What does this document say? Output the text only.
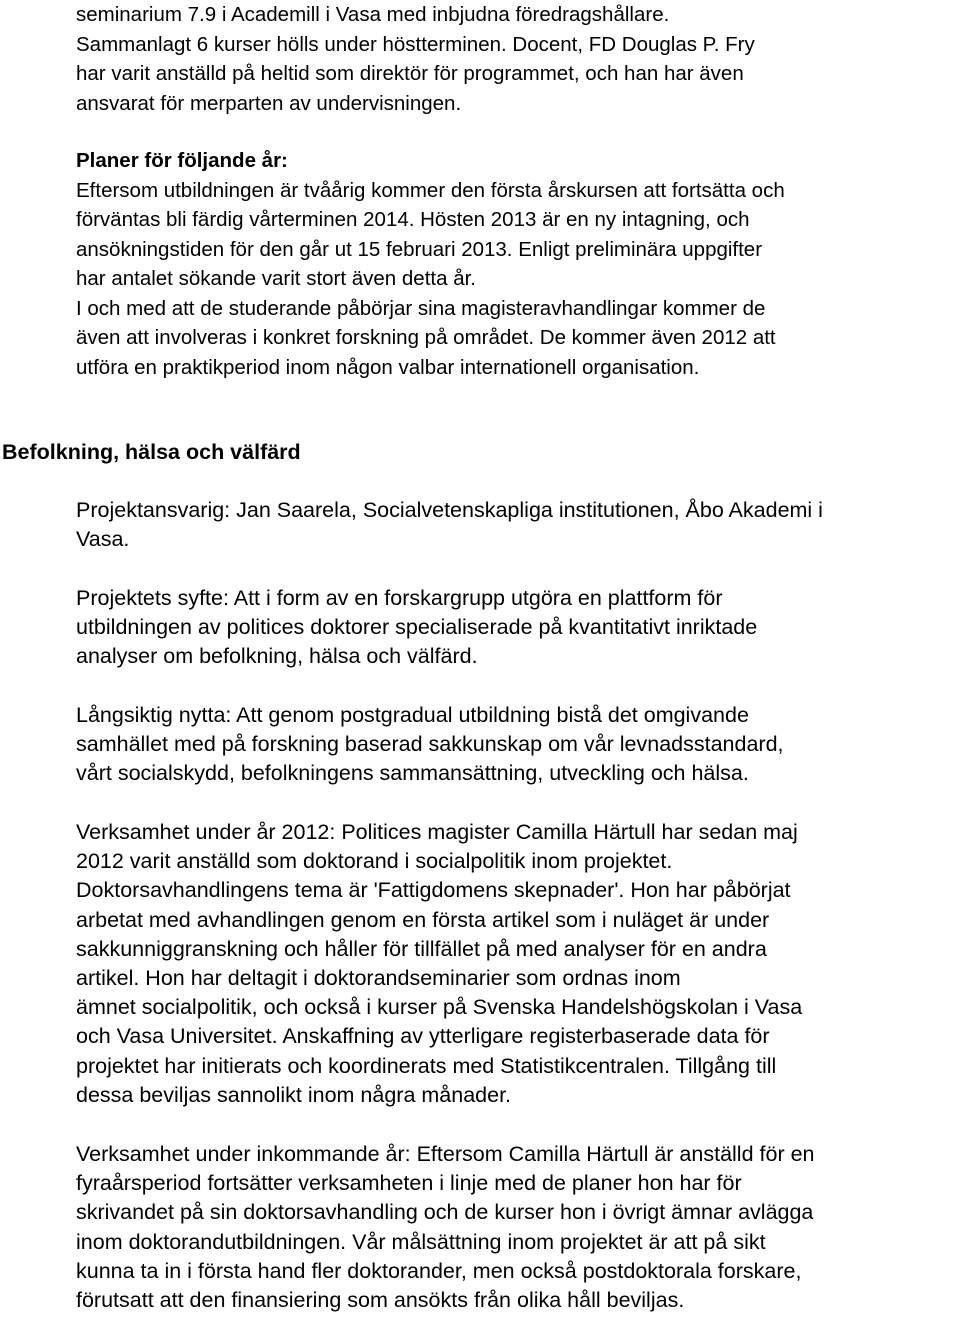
seminarium 7.9 i Academill i Vasa med inbjudna föredragshållare.
Sammanlagt 6 kurser hölls under höstterminen. Docent, FD Douglas P. Fry
har varit anställd på heltid som direktör för programmet, och han har även
ansvarat för merparten av undervisningen.
Planer för följande år:
Eftersom utbildningen är tvåårig kommer den första årskursen att fortsätta och
förväntas bli färdig vårterminen 2014. Hösten 2013 är en ny intagning, och
ansökningstiden för den går ut 15 februari 2013. Enligt preliminära uppgifter
har antalet sökande varit stort även detta år.
I och med att de studerande påbörjar sina magisteravhandlingar kommer de
även att involveras i konkret forskning på området. De kommer även 2012 att
utföra en praktikperiod inom någon valbar internationell organisation.
Befolkning, hälsa och välfärd
Projektansvarig: Jan Saarela, Socialvetenskapliga institutionen, Åbo Akademi i
Vasa.
Projektets syfte: Att i form av en forskargrupp utgöra en plattform för
utbildningen av politices doktorer specialiserade på kvantitativt inriktade
analyser om befolkning, hälsa och välfärd.
Långsiktig nytta: Att genom postgradual utbildning bistå det omgivande
samhället med på forskning baserad sakkunskap om vår levnadsstandard,
vårt socialskydd, befolkningens sammansättning, utveckling och hälsa.
Verksamhet under år 2012: Politices magister Camilla Härtull har sedan maj
2012 varit anställd som doktorand i socialpolitik inom projektet.
Doktorsavhandlingens tema är 'Fattigdomens skepnader'. Hon har påbörjat
arbetat med avhandlingen genom en första artikel som i nuläget är under
sakkunniggranskning och håller för tillfället på med analyser för en andra
artikel. Hon har deltagit i doktorandseminarier som ordnas inom
ämnet socialpolitik, och också i kurser på Svenska Handelshögskolan i Vasa
och Vasa Universitet. Anskaffning av ytterligare registerbaserade data för
projektet har initierats och koordinerats med Statistikcentralen. Tillgång till
dessa beviljas sannolikt inom några månader.
Verksamhet under inkommande år: Eftersom Camilla Härtull är anställd för en
fyraårsperiod fortsätter verksamheten i linje med de planer hon har för
skrivandet på sin doktorsavhandling och de kurser hon i övrigt ämnar avlägga
inom doktorandutbildningen. Vår målsättning inom projektet är att på sikt
kunna ta in i första hand fler doktorander, men också postdoktorala forskare,
förutsatt att den finansiering som ansökts från olika håll beviljas.
